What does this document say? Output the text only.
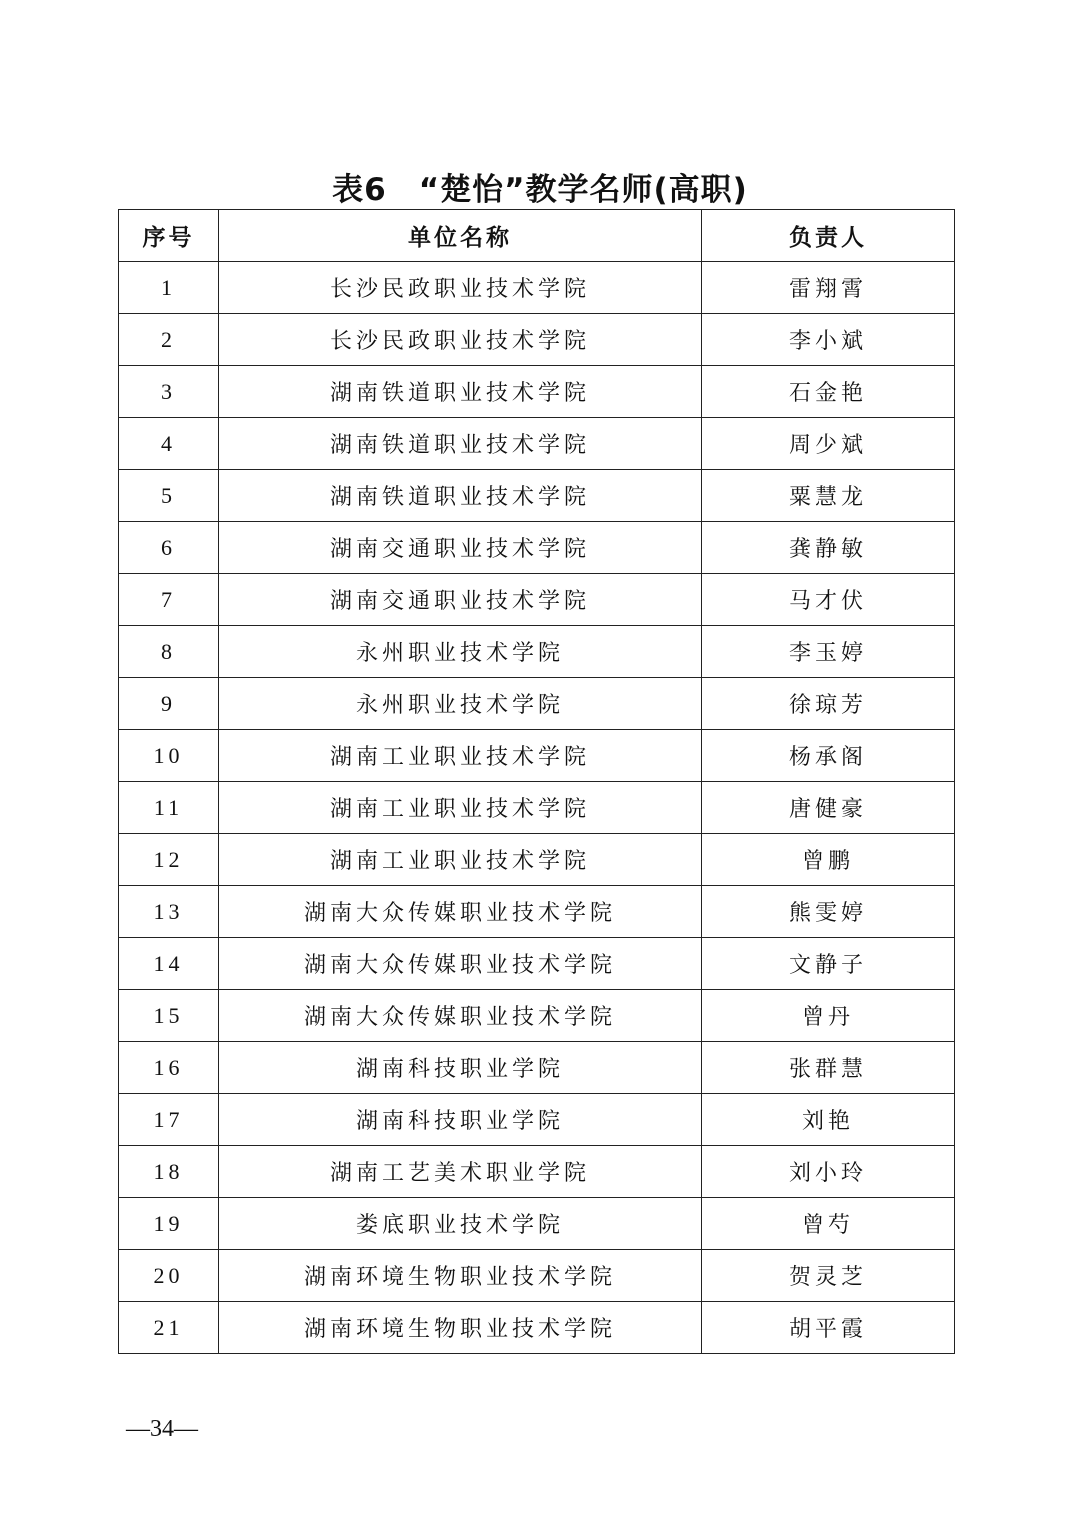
表6　“楚怡”教学名师(高职)
序号	单位名称	负责人
1	长沙民政职业技术学院	雷翔霄
2	长沙民政职业技术学院	李小斌
3	湖南铁道职业技术学院	石金艳
4	湖南铁道职业技术学院	周少斌
5	湖南铁道职业技术学院	粟慧龙
6	湖南交通职业技术学院	龚静敏
7	湖南交通职业技术学院	马才伏
8	永州职业技术学院	李玉婷
9	永州职业技术学院	徐琼芳
10	湖南工业职业技术学院	杨承阁
11	湖南工业职业技术学院	唐健豪
12	湖南工业职业技术学院	曾鹏
13	湖南大众传媒职业技术学院	熊雯婷
14	湖南大众传媒职业技术学院	文静子
15	湖南大众传媒职业技术学院	曾丹
16	湖南科技职业学院	张群慧
17	湖南科技职业学院	刘艳
18	湖南工艺美术职业学院	刘小玲
19	娄底职业技术学院	曾芍
20	湖南环境生物职业技术学院	贺灵芝
21	湖南环境生物职业技术学院	胡平霞
—34—
